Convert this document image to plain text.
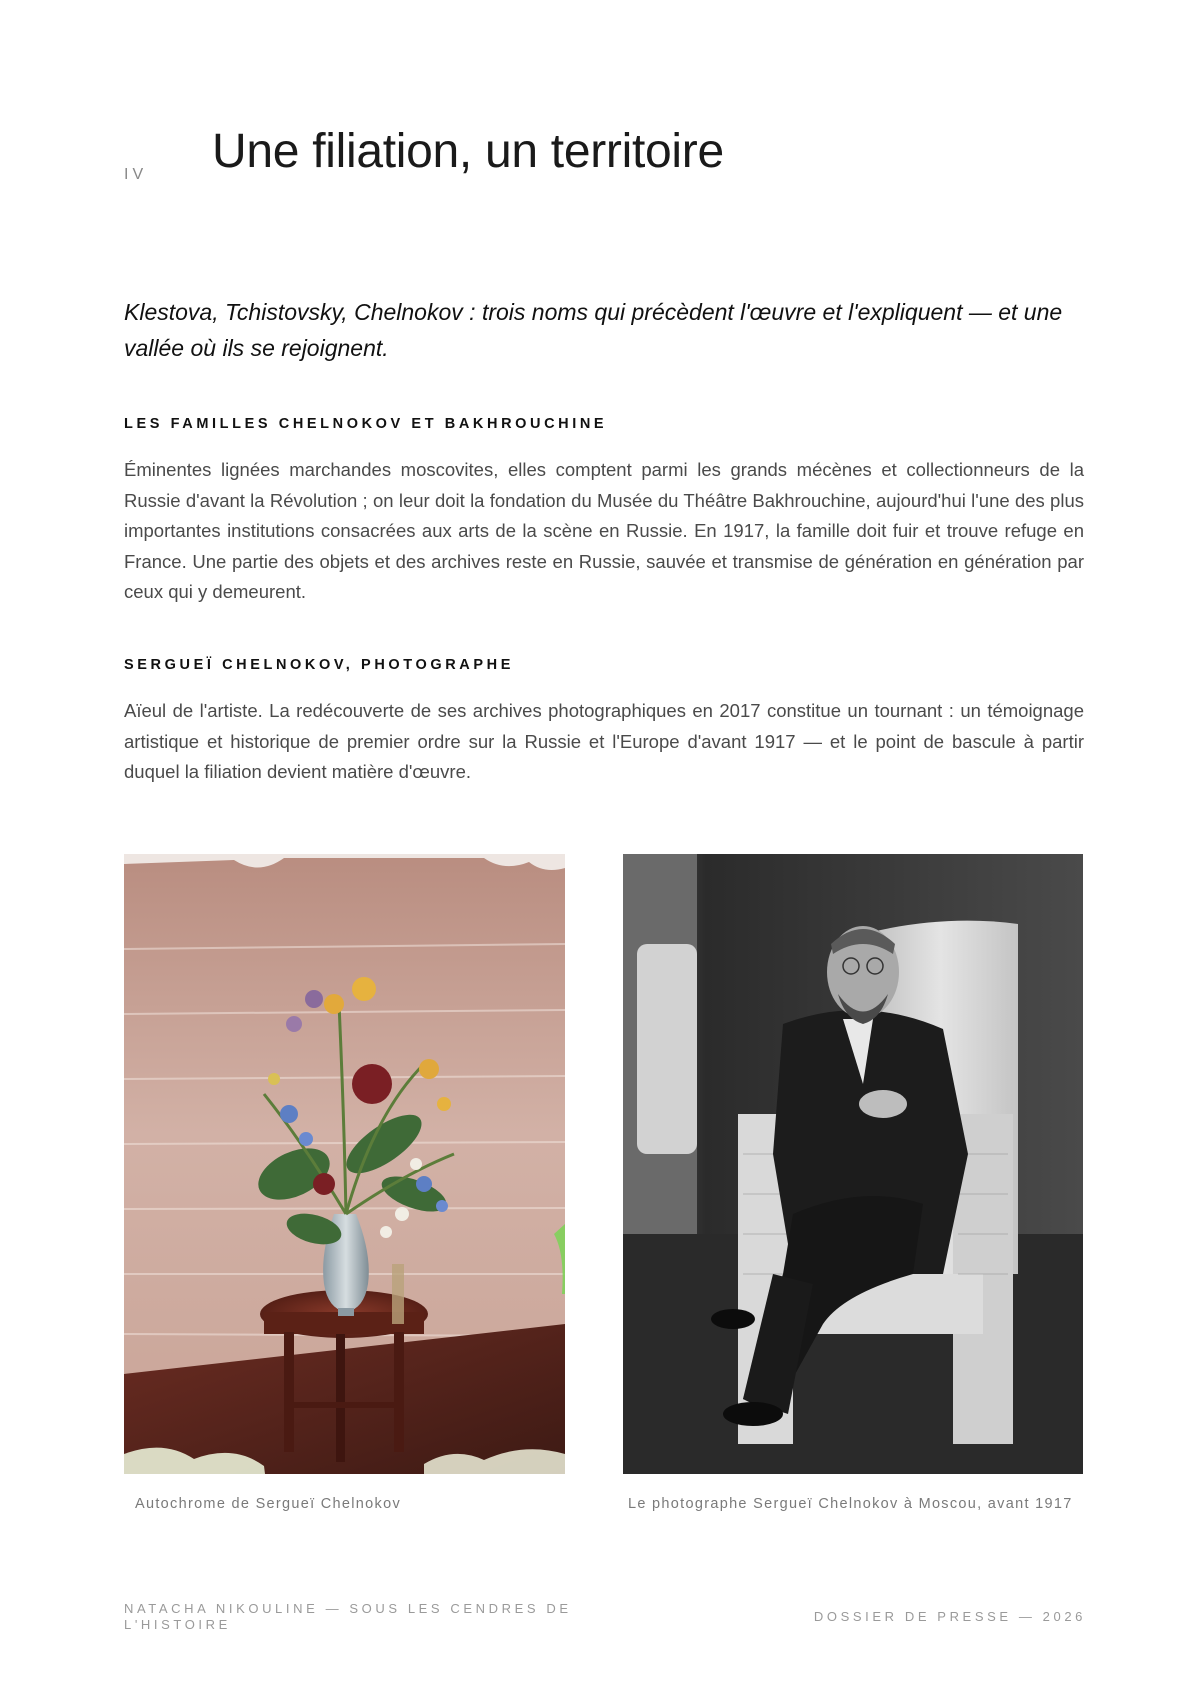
IV Une filiation, un territoire

Klestova, Tchistovsky, Chelnokov : trois noms qui précèdent l'œuvre et l'expliquent — et une vallée où ils se rejoignent.

LES FAMILLES CHELNOKOV ET BAKHROUCHINE

Éminentes lignées marchandes moscovites, elles comptent parmi les grands mécènes et collectionneurs de la Russie d'avant la Révolution ; on leur doit la fondation du Musée du Théâtre Bakhrouchine, aujourd'hui l'une des plus importantes institutions consacrées aux arts de la scène en Russie. En 1917, la famille doit fuir et trouve refuge en France. Une partie des objets et des archives reste en Russie, sauvée et transmise de génération en génération par ceux qui y demeurent.

SERGUEÏ CHELNOKOV, PHOTOGRAPHE

Aïeul de l'artiste. La redécouverte de ses archives photographiques en 2017 constitue un tournant : un témoignage artistique et historique de premier ordre sur la Russie et l'Europe d'avant 1917 — et le point de bascule à partir duquel la filiation devient matière d'œuvre.

Autochrome de Sergueï Chelnokov	Le photographe Sergueï Chelnokov à Moscou, avant 1917

NATACHA NIKOULINE — SOUS LES CENDRES DE L'HISTOIRE

DOSSIER DE PRESSE — 2026
